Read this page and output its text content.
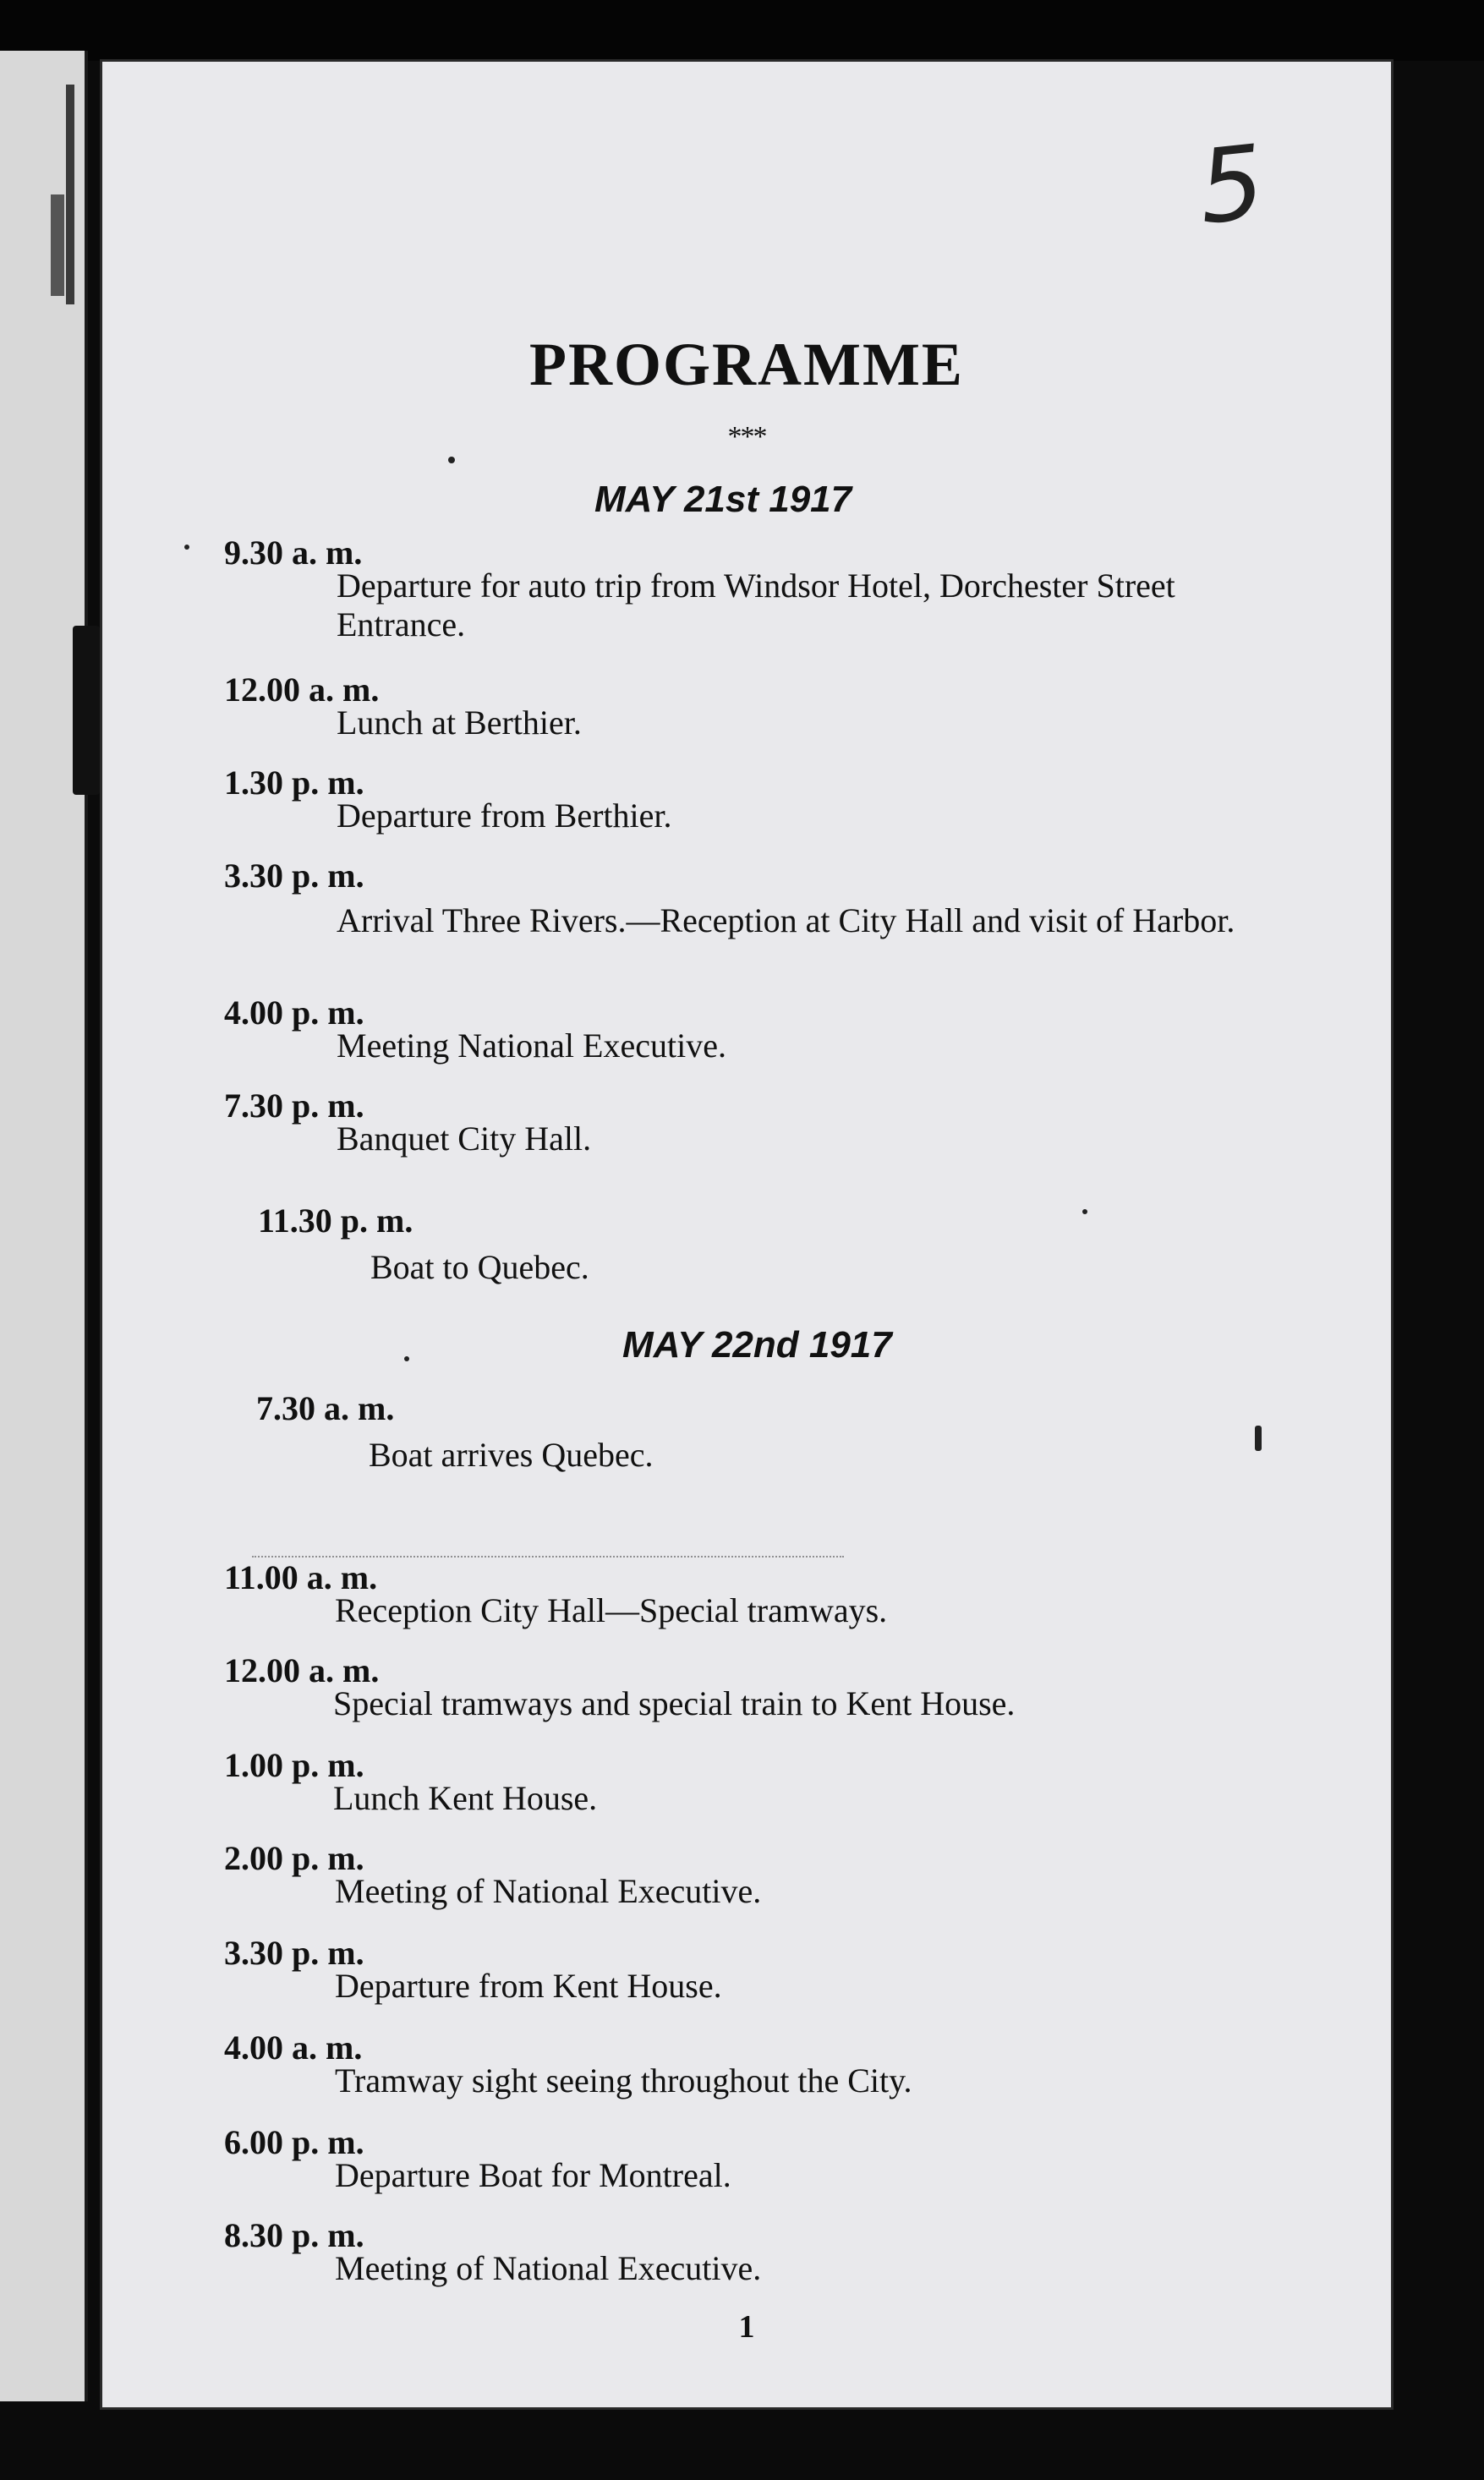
5
PROGRAMME
***
MAY 21st 1917
9.30 a. m.
Departure for auto trip from Windsor Hotel, Dorchester Street Entrance.
12.00 a. m.
Lunch at Berthier.
1.30 p. m.
Departure from Berthier.
3.30 p. m.
Arrival Three Rivers.—Reception at City Hall and visit of Harbor.
4.00 p. m.
Meeting National Executive.
7.30 p. m.
Banquet City Hall.
11.30 p. m.
Boat to Quebec.
MAY 22nd 1917
7.30 a. m.
Boat arrives Quebec.
11.00 a. m.
Reception City Hall—Special tramways.
12.00 a. m.
Special tramways and special train to Kent House.
1.00 p. m.
Lunch Kent House.
2.00 p. m.
Meeting of National Executive.
3.30 p. m.
Departure from Kent House.
4.00 a. m.
Tramway sight seeing throughout the City.
6.00 p. m.
Departure Boat for Montreal.
8.30 p. m.
Meeting of National Executive.
1
